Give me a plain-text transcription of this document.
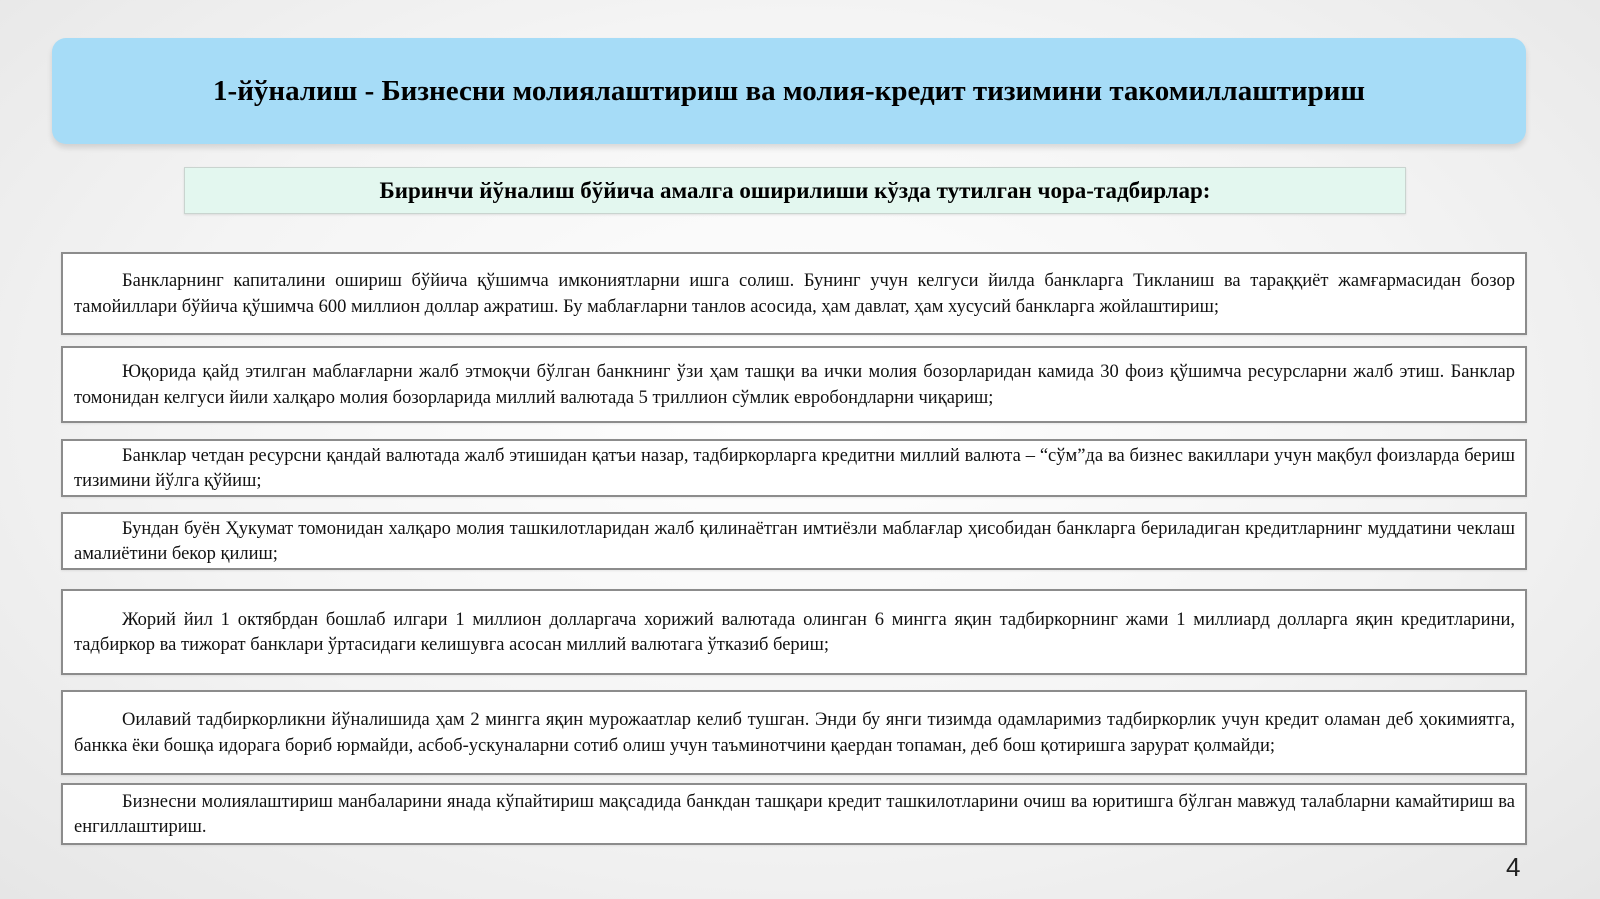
1-йўналиш - Бизнесни молиялаштириш ва молия-кредит тизимини такомиллаштириш
Биринчи йўналиш бўйича амалга оширилиши кўзда тутилган чора-тадбирлар:

Банкларнинг капиталини ошириш бўйича қўшимча имкониятларни ишга солиш. Бунинг учун келгуси йилда банкларга Тикланиш ва тараққиёт жамғармасидан бозор тамойиллари бўйича қўшимча 600 миллион доллар ажратиш. Бу маблағларни танлов асосида, ҳам давлат, ҳам хусусий банкларга жойлаштириш;

Юқорида қайд этилган маблағларни жалб этмоқчи бўлган банкнинг ўзи ҳам ташқи ва ички молия бозорларидан камида 30 фоиз қўшимча ресурсларни жалб этиш. Банклар томонидан келгуси йили халқаро молия бозорларида миллий валютада 5 триллион сўмлик евробондларни чиқариш;

Банклар четдан ресурсни қандай валютада жалб этишидан қатъи назар, тадбиркорларга кредитни миллий валюта – “сўм”да ва бизнес вакиллари учун мақбул фоизларда бериш тизимини йўлга қўйиш;

Бундан буён Ҳукумат томонидан халқаро молия ташкилотларидан жалб қилинаётган имтиёзли маблағлар ҳисобидан банкларга бериладиган кредитларнинг муддатини чеклаш амалиётини бекор қилиш;

Жорий йил 1 октябрдан бошлаб илгари 1 миллион долларгача хорижий валютада олинган 6 мингга яқин тадбиркорнинг жами 1 миллиард долларга яқин кредитларини, тадбиркор ва тижорат банклари ўртасидаги келишувга асосан миллий валютага ўтказиб бериш;

Оилавий тадбиркорликни йўналишида ҳам 2 мингга яқин мурожаатлар келиб тушган. Энди бу янги тизимда одамларимиз тадбиркорлик учун кредит оламан деб ҳокимиятга, банкка ёки бошқа идорага бориб юрмайди, асбоб-ускуналарни сотиб олиш учун таъминотчини қаердан топаман, деб бош қотиришга зарурат қолмайди;

Бизнесни молиялаштириш манбаларини янада кўпайтириш мақсадида банкдан ташқари кредит ташкилотларини очиш ва юритишга бўлган мавжуд талабларни камайтириш ва енгиллаштириш.

4
